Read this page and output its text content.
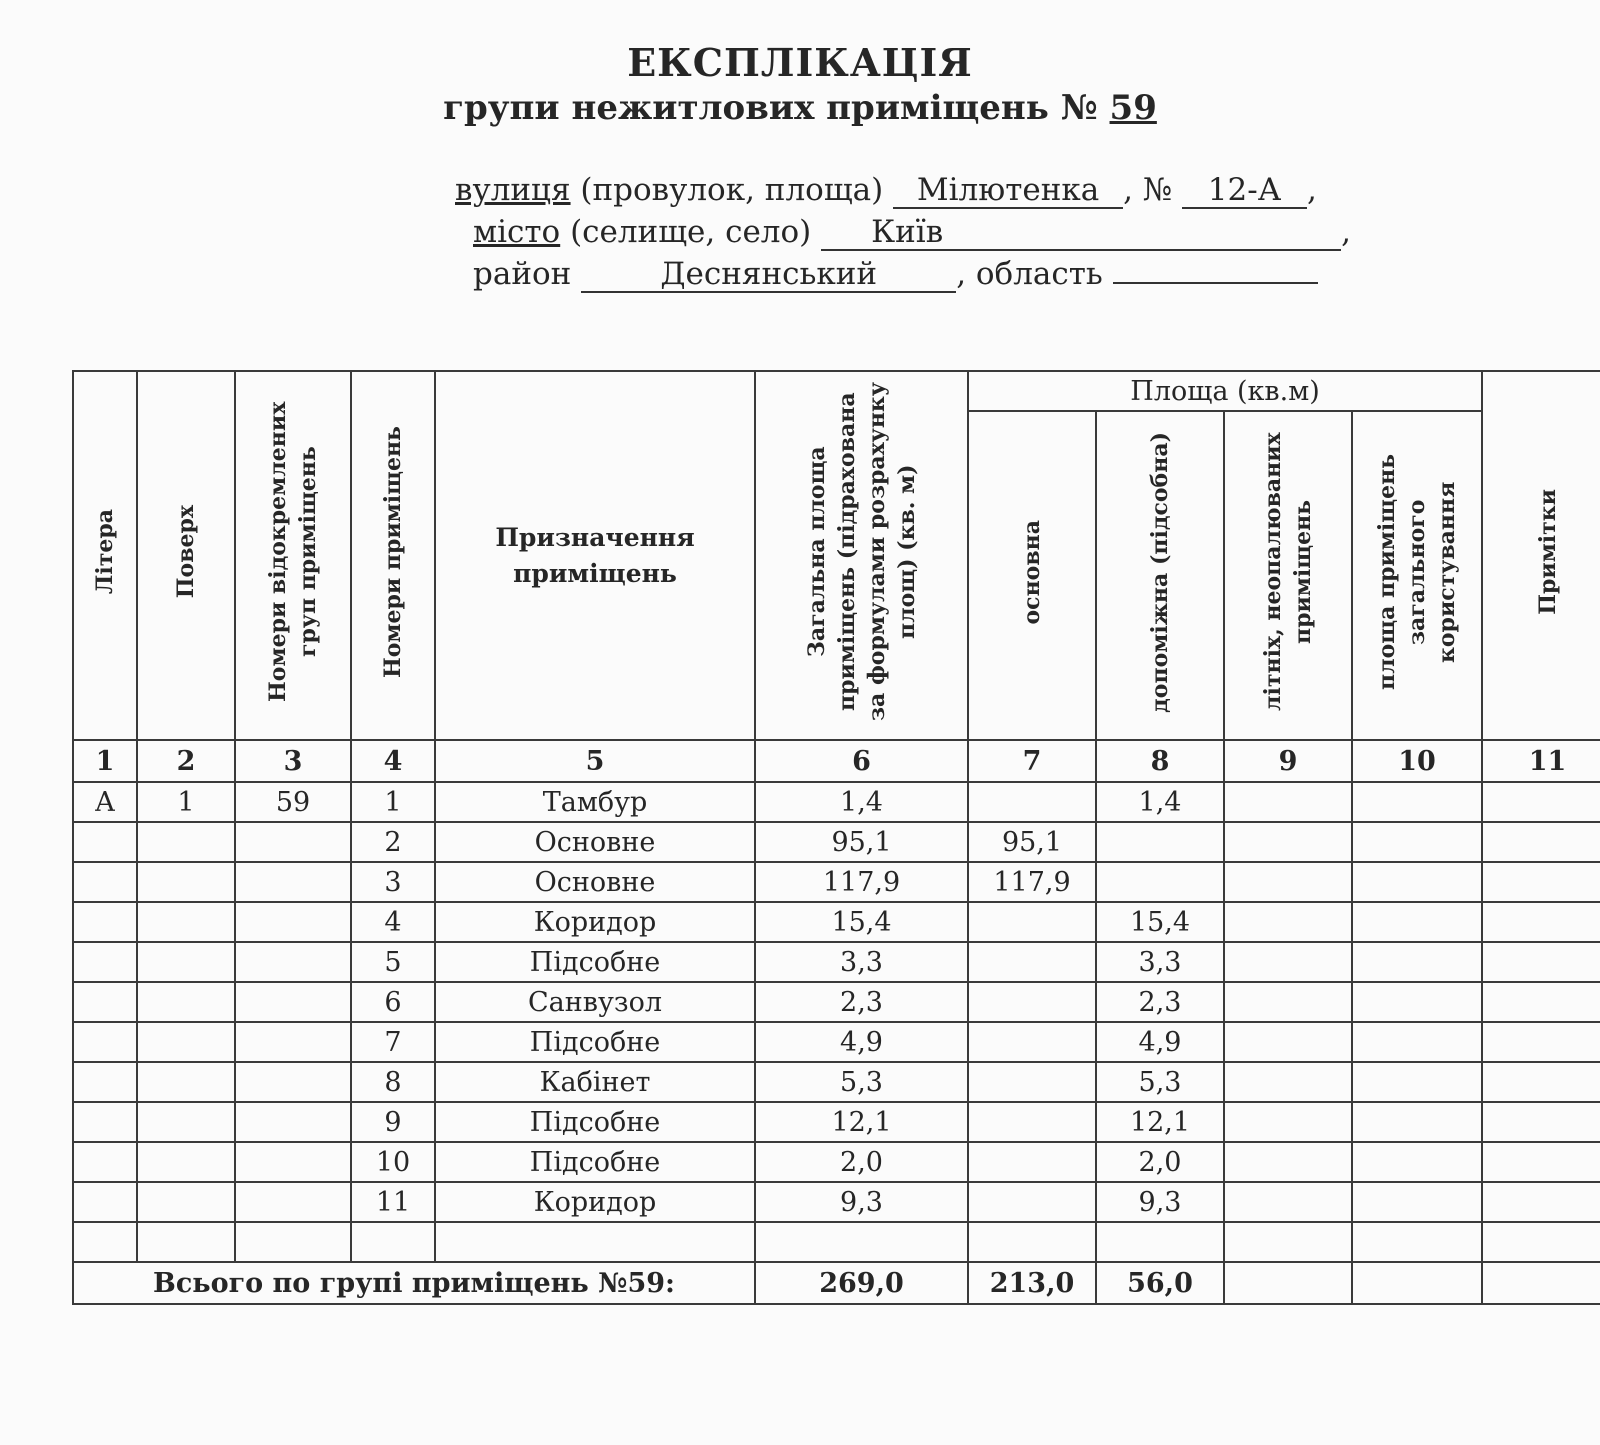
ЕКСПЛІКАЦІЯ
групи нежитлових приміщень № 59
вулиця (провулок, площа) Мілютенка , № 12-А ,
місто (селище, село) Київ	,
район	Деснянський	, область
Літера	Поверх	Номери відокремлених груп приміщень	Номери приміщень	Призначення приміщень	Загальна площа приміщень (підрахована за формулами розрахунку площ) (кв. м)	Площа (кв.м)				Примітки
						основна	допоміжна (підсобна)	літніх, неопалюваних приміщень	площа приміщень загального користування	
1	2	3	4	5	6	7	8	9	10	11
А	1	59	1	Тамбур	1,4		1,4			
			2	Основне	95,1	95,1				
			3	Основне	117,9	117,9				
			4	Коридор	15,4		15,4			
			5	Підсобне	3,3		3,3			
			6	Санвузол	2,3		2,3			
			7	Підсобне	4,9		4,9			
			8	Кабінет	5,3		5,3			
			9	Підсобне	12,1		12,1			
			10	Підсобне	2,0		2,0			
			11	Коридор	9,3		9,3			

Всього по групі приміщень №59:					269,0	213,0	56,0			
